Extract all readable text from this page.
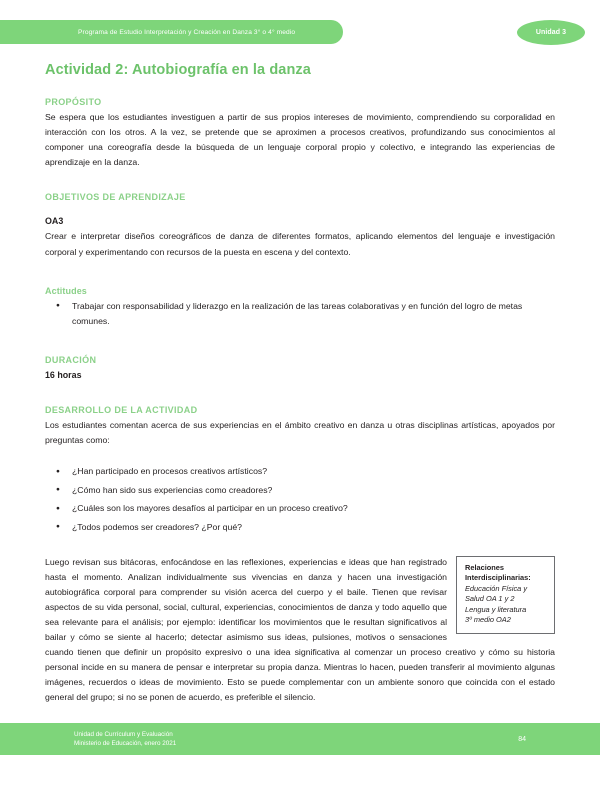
Programa de Estudio Interpretación y Creación en Danza 3° o 4° medio	Unidad 3
Actividad 2: Autobiografía en la danza
PROPÓSITO

Se espera que los estudiantes investiguen a partir de sus propios intereses de movimiento, comprendiendo su corporalidad en interacción con los otros. A la vez, se pretende que se aproximen a procesos creativos, profundizando sus conocimientos al componer una coreografía desde la búsqueda de un lenguaje corporal propio y colectivo, e integrando las experiencias de aprendizaje en la danza.

OBJETIVOS DE APRENDIZAJE
OA3

Crear e interpretar diseños coreográficos de danza de diferentes formatos, aplicando elementos del lenguaje e investigación corporal y experimentando con recursos de la puesta en escena y del contexto.

Actitudes
● Trabajar con responsabilidad y liderazgo en la realización de las tareas colaborativas y en función del logro de metas comunes.
DURACIÓN
16 horas
DESARROLLO DE LA ACTIVIDAD

Los estudiantes comentan acerca de sus experiencias en el ámbito creativo en danza u otras disciplinas artísticas, apoyados por preguntas como:

● ¿Han participado en procesos creativos artísticos?
● ¿Cómo han sido sus experiencias como creadores?
● ¿Cuáles son los mayores desafíos al participar en un proceso creativo?
● ¿Todos podemos ser creadores? ¿Por qué?
Relaciones
Interdisciplinarias:
Educación Física y
Salud OA 1 y 2
Lengua y literatura
3º medio OA2

Luego revisan sus bitácoras, enfocándose en las reflexiones, experiencias e ideas que han registrado hasta el momento. Analizan individualmente sus vivencias en danza y hacen una investigación autobiográfica corporal para comprender su visión acerca del cuerpo y el baile. Tienen que revisar aspectos de su vida personal, social, cultural, experiencias, conocimientos de danza y todo aquello que sea relevante para el análisis; por ejemplo: identificar los movimientos que le resultan significativos al bailar y cómo se siente al hacerlo; detectar asimismo sus ideas, pulsiones, motivos o sensaciones cuando tienen que definir un propósito expresivo o una idea significativa al comenzar un proceso creativo y cómo su historia personal incide en su manera de pensar e interpretar su propia danza. Mientras lo hacen, pueden transferir al movimiento algunas imágenes, recuerdos o ideas de movimiento. Esto se puede complementar con un ambiente sonoro que coincida con el estado general del grupo; si no se ponen de acuerdo, es preferible el silencio.

Unidad de Currículum y Evaluación
Ministerio de Educación, enero 2021
84
